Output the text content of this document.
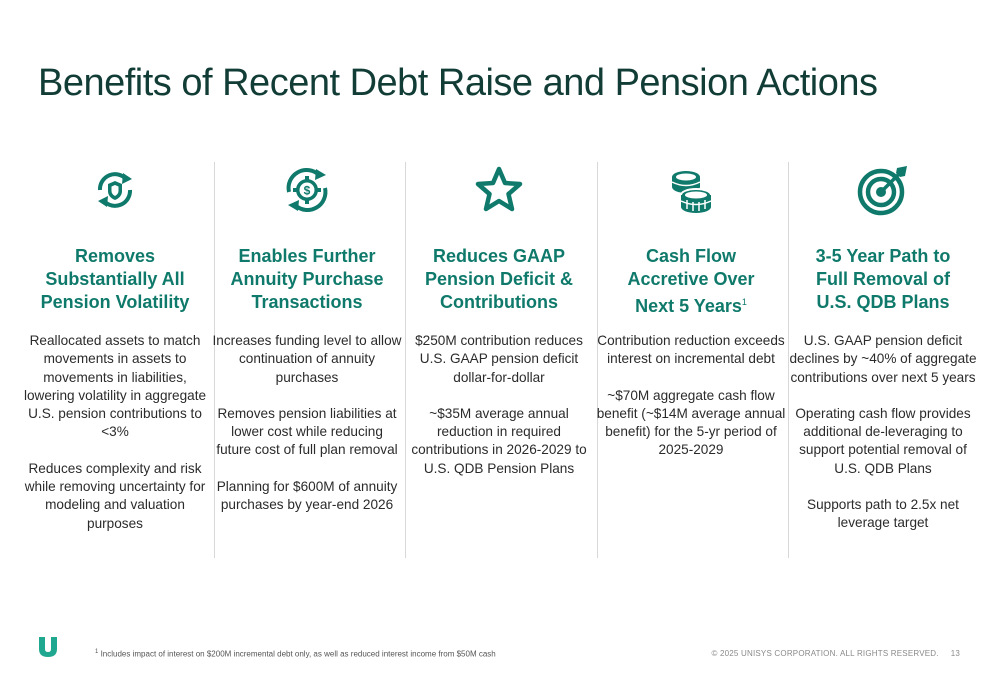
Benefits of Recent Debt Raise and Pension Actions
Removes
Substantially All
Pension Volatility

Reallocated assets to match movements in assets to movements in liabilities, lowering volatility in aggregate U.S. pension contributions to <3%

Reduces complexity and risk while removing uncertainty for modeling and valuation purposes

$
Enables Further
Annuity Purchase
Transactions

Increases funding level to allow continuation of annuity purchases

Removes pension liabilities at lower cost while reducing future cost of full plan removal

Planning for $600M of annuity purchases by year-end 2026

Reduces GAAP
Pension Deficit &
Contributions

$250M contribution reduces U.S. GAAP pension deficit dollar-for-dollar

~$35M average annual reduction in required contributions in 2026-2029 to U.S. QDB Pension Plans

Cash Flow
Accretive Over
Next 5 Years$^1$

Contribution reduction exceeds interest on incremental debt

~$70M aggregate cash flow benefit (~$14M average annual benefit) for the 5-yr period of 2025-2029

3-5 Year Path to
Full Removal of
U.S. QDB Plans

U.S. GAAP pension deficit declines by ~40% of aggregate contributions over next 5 years

Operating cash flow provides additional de-leveraging to support potential removal of U.S. QDB Plans

Supports path to 2.5x net leverage target

$^1$ Includes impact of interest on $200M incremental debt only, as well as reduced interest income from $50M cash	© 2025 UNISYS CORPORATION. ALL RIGHTS RESERVED. 13
